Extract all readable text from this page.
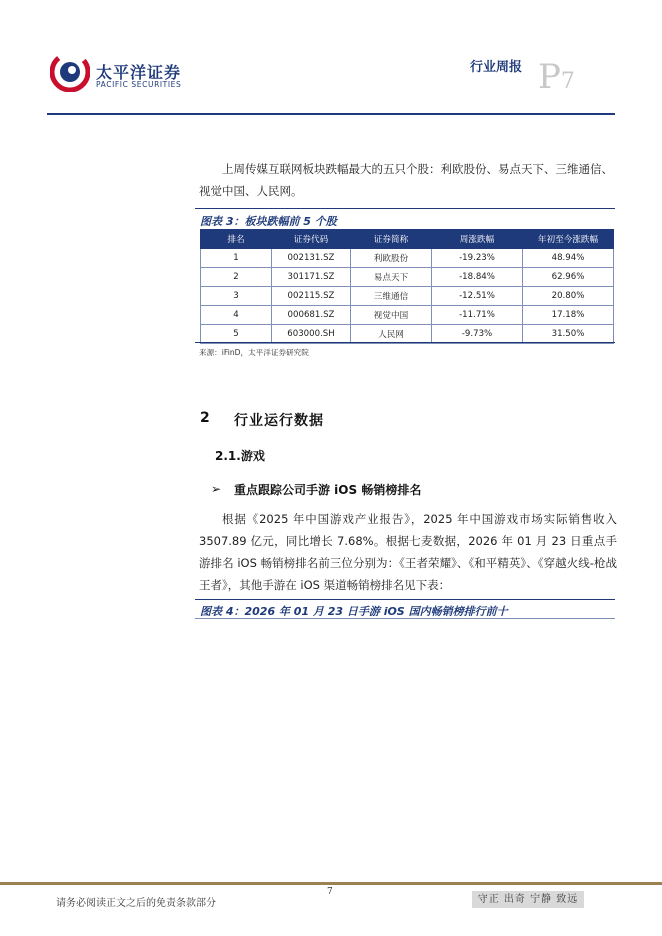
太平洋证券
PACIFIC SECURITIES
行业周报 P7
上周传媒互联网板块跌幅最大的五只个股：利欧股份、易点天下、三维通信、视觉中国、人民网。
图表 3：板块跌幅前 5 个股
排名	证券代码	证券简称	周涨跌幅	年初至今涨跌幅
1	002131.SZ	利欧股份	-19.23%	48.94%
2	301171.SZ	易点天下	-18.84%	62.96%
3	002115.SZ	三维通信	-12.51%	20.80%
4	000681.SZ	视觉中国	-11.71%	17.18%
5	603000.SH	人民网	-9.73%	31.50%
来源：iFinD，太平洋证券研究院
2 行业运行数据
2.1.游戏
➢ 重点跟踪公司手游 iOS 畅销榜排名
根据《2025 年中国游戏产业报告》，2025 年中国游戏市场实际销售收入 3507.89 亿元，同比增长 7.68%。根据七麦数据，2026 年 01 月 23 日重点手游排名 iOS 畅销榜排名前三位分别为：《王者荣耀》、《和平精英》、《穿越火线-枪战王者》，其他手游在 iOS 渠道畅销榜排名见下表：
图表 4：2026 年 01 月 23 日手游 iOS 国内畅销榜排行前十
7
请务必阅读正文之后的免责条款部分	守正 出奇 宁静 致远
